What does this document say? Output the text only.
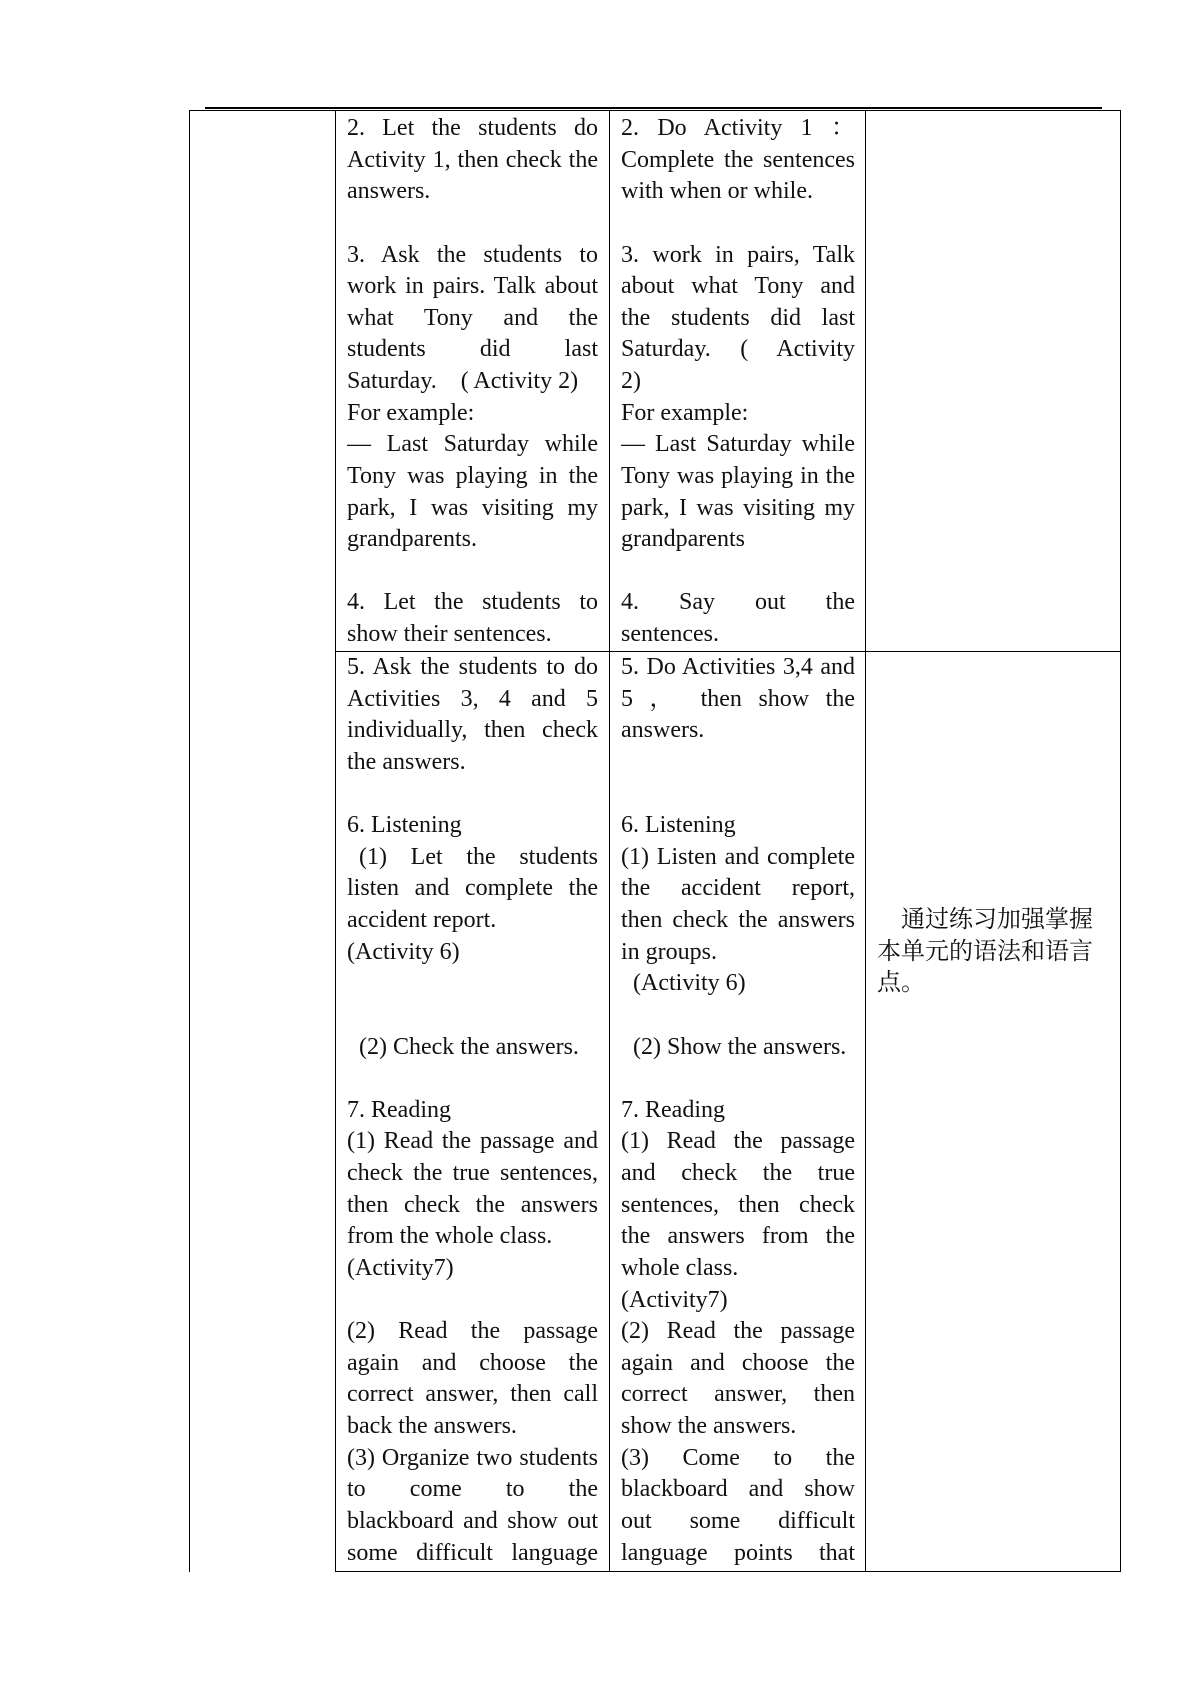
2. Let the students do
Activity 1, then check the
answers.
3. Ask the students to
work in pairs. Talk about
what Tony and the
students did last
Saturday.    ( Activity 2)
For example:
— Last Saturday while
Tony was playing in the
park, I was visiting my
grandparents.
4. Let the students to
show their sentences.
2. Do Activity 1 ：
Complete the sentences
with when or while.
3. work in pairs, Talk
about what Tony and
the students did last
Saturday. ( Activity
2)
For example:
— Last Saturday while
Tony was playing in the
park, I was visiting my
grandparents
4. Say out the
sentences.
5. Ask the students to do
Activities 3, 4 and 5
individually, then check
the answers.
6. Listening
(1) Let the students
listen and complete the
accident report.
(Activity 6)
(2) Check the answers.
7. Reading
(1) Read the passage and
check the true sentences,
then check the answers
from the whole class.
(Activity7)
(2) Read the passage
again and choose the
correct answer, then call
back the answers.
(3) Organize two students
to come to the
blackboard and show out
some difficult language
5. Do Activities 3,4 and
5 ， then show the
answers.
6. Listening
(1) Listen and complete
the accident report,
then check the answers
in groups.
(Activity 6)
(2) Show the answers.
7. Reading
(1) Read the passage
and check the true
sentences, then check
the answers from the
whole class.
(Activity7)
(2) Read the passage
again and choose the
correct answer, then
show the answers.
(3) Come to the
blackboard and show
out some difficult
language points that
　通过练习加强掌握
本单元的语法和语言
点。
